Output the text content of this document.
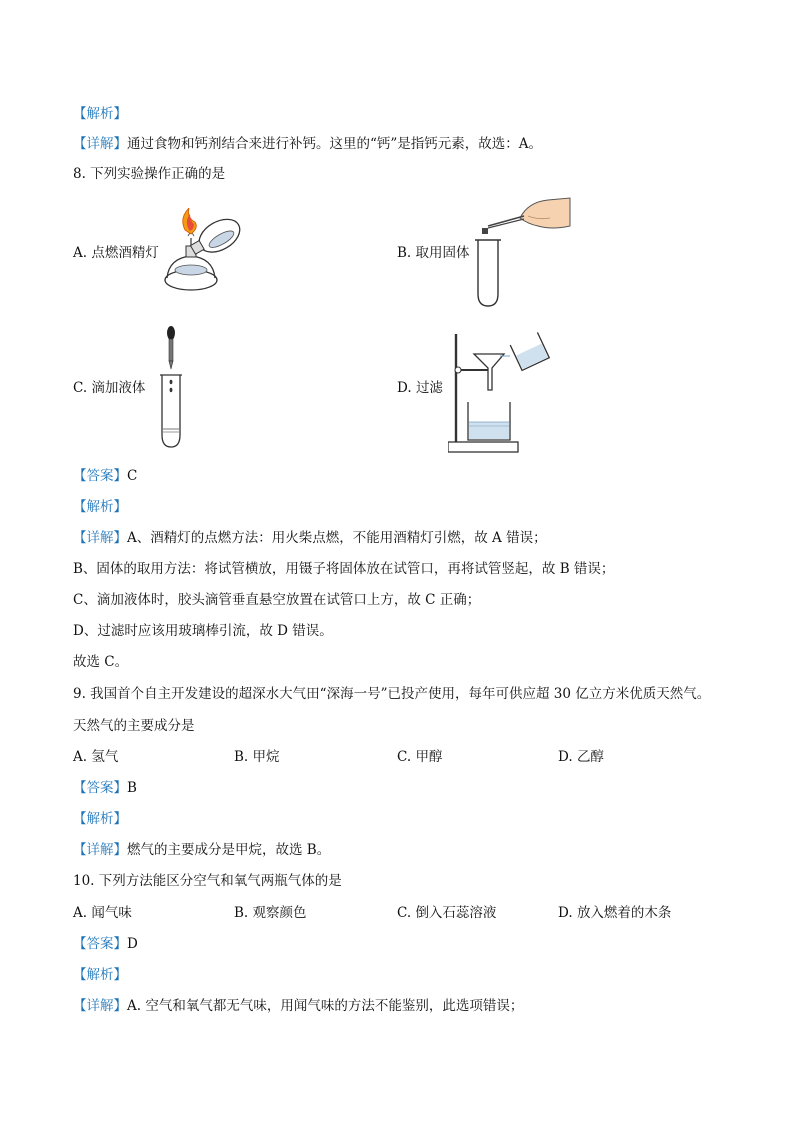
【解析】
【详解】通过食物和钙剂结合来进行补钙。这里的“钙”是指钙元素，故选：A。
8. 下列实验操作正确的是
A. 点燃酒精灯	B. 取用固体
C. 滴加液体	D. 过滤
【答案】C
【解析】
【详解】A、酒精灯的点燃方法：用火柴点燃，不能用酒精灯引燃，故 A 错误；
B、固体的取用方法：将试管横放，用镊子将固体放在试管口，再将试管竖起，故 B 错误；
C、滴加液体时，胶头滴管垂直悬空放置在试管口上方，故 C 正确；
D、过滤时应该用玻璃棒引流，故 D 错误。
故选 C。
9. 我国首个自主开发建设的超深水大气田“深海一号”已投产使用，每年可供应超 30 亿立方米优质天然气。
天然气的主要成分是
A. 氢气	B. 甲烷	C. 甲醇	D. 乙醇
【答案】B
【解析】
【详解】燃气的主要成分是甲烷，故选 B。
10. 下列方法能区分空气和氧气两瓶气体的是
A. 闻气味	B. 观察颜色	C. 倒入石蕊溶液	D. 放入燃着的木条
【答案】D
【解析】
【详解】A. 空气和氧气都无气味，用闻气味的方法不能鉴别，此选项错误；
